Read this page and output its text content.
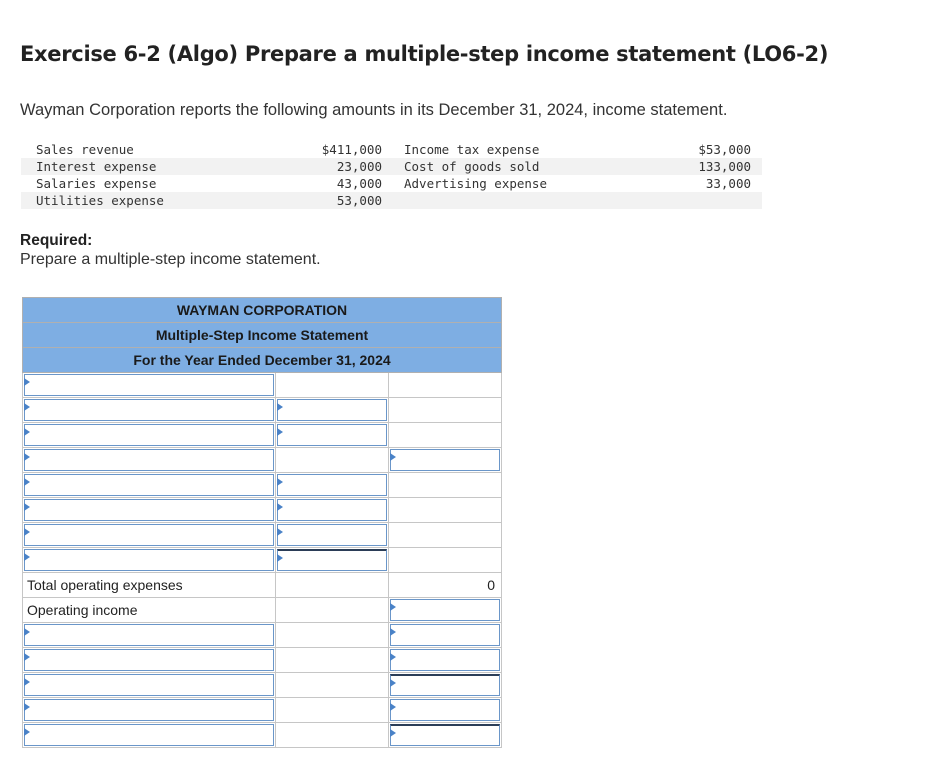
Exercise 6-2 (Algo) Prepare a multiple-step income statement (LO6-2)

Wayman Corporation reports the following amounts in its December 31, 2024, income statement.

Sales revenue	$411,000 Income tax expense	$53,000
Interest expense	23,000 Cost of goods sold	133,000
Salaries expense	43,000 Advertising expense	33,000
Utilities expense	53,000
Required:

Prepare a multiple-step income statement.

WAYMAN CORPORATION		
Multiple-Step Income Statement		
For the Year Ended December 31, 2024		

Total operating expenses		0
Operating income		
